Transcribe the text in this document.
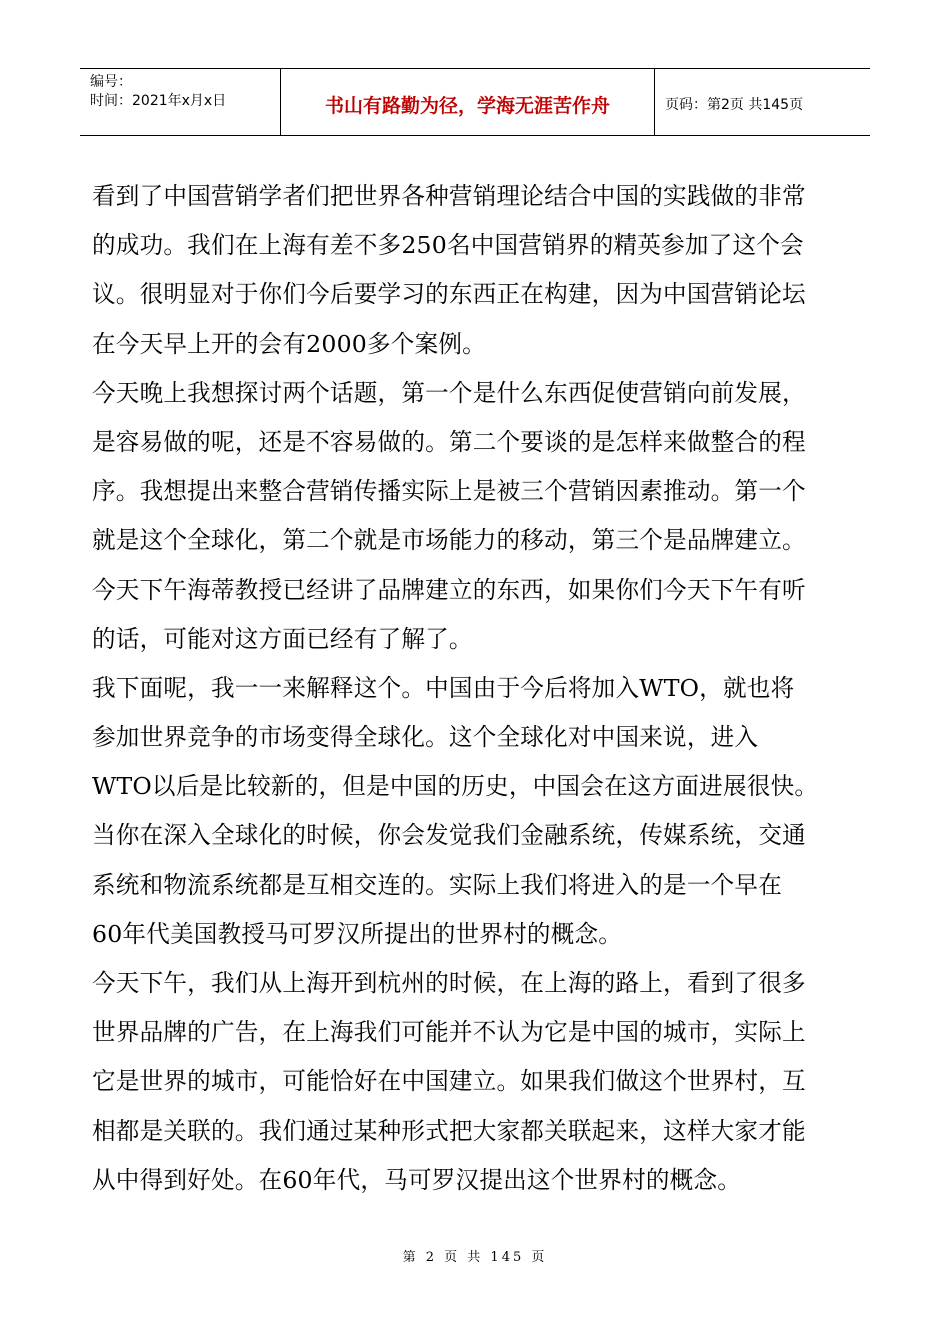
编号：
时间：2021年x月x日	书山有路勤为径，学海无涯苦作舟	页码：第2页 共145页
看到了中国营销学者们把世界各种营销理论结合中国的实践做的非常
的成功。我们在上海有差不多250名中国营销界的精英参加了这个会
议。很明显对于你们今后要学习的东西正在构建，因为中国营销论坛
在今天早上开的会有2000多个案例。
今天晚上我想探讨两个话题，第一个是什么东西促使营销向前发展，
是容易做的呢，还是不容易做的。第二个要谈的是怎样来做整合的程
序。我想提出来整合营销传播实际上是被三个营销因素推动。第一个
就是这个全球化，第二个就是市场能力的移动，第三个是品牌建立。
今天下午海蒂教授已经讲了品牌建立的东西，如果你们今天下午有听
的话，可能对这方面已经有了解了。
我下面呢，我一一来解释这个。中国由于今后将加入WTO，就也将
参加世界竞争的市场变得全球化。这个全球化对中国来说，进入
WTO以后是比较新的，但是中国的历史，中国会在这方面进展很快。
当你在深入全球化的时候，你会发觉我们金融系统，传媒系统，交通
系统和物流系统都是互相交连的。实际上我们将进入的是一个早在
60年代美国教授马可罗汉所提出的世界村的概念。
今天下午，我们从上海开到杭州的时候，在上海的路上，看到了很多
世界品牌的广告，在上海我们可能并不认为它是中国的城市，实际上
它是世界的城市，可能恰好在中国建立。如果我们做这个世界村，互
相都是关联的。我们通过某种形式把大家都关联起来，这样大家才能
从中得到好处。在60年代，马可罗汉提出这个世界村的概念。
第 2 页 共 145 页
